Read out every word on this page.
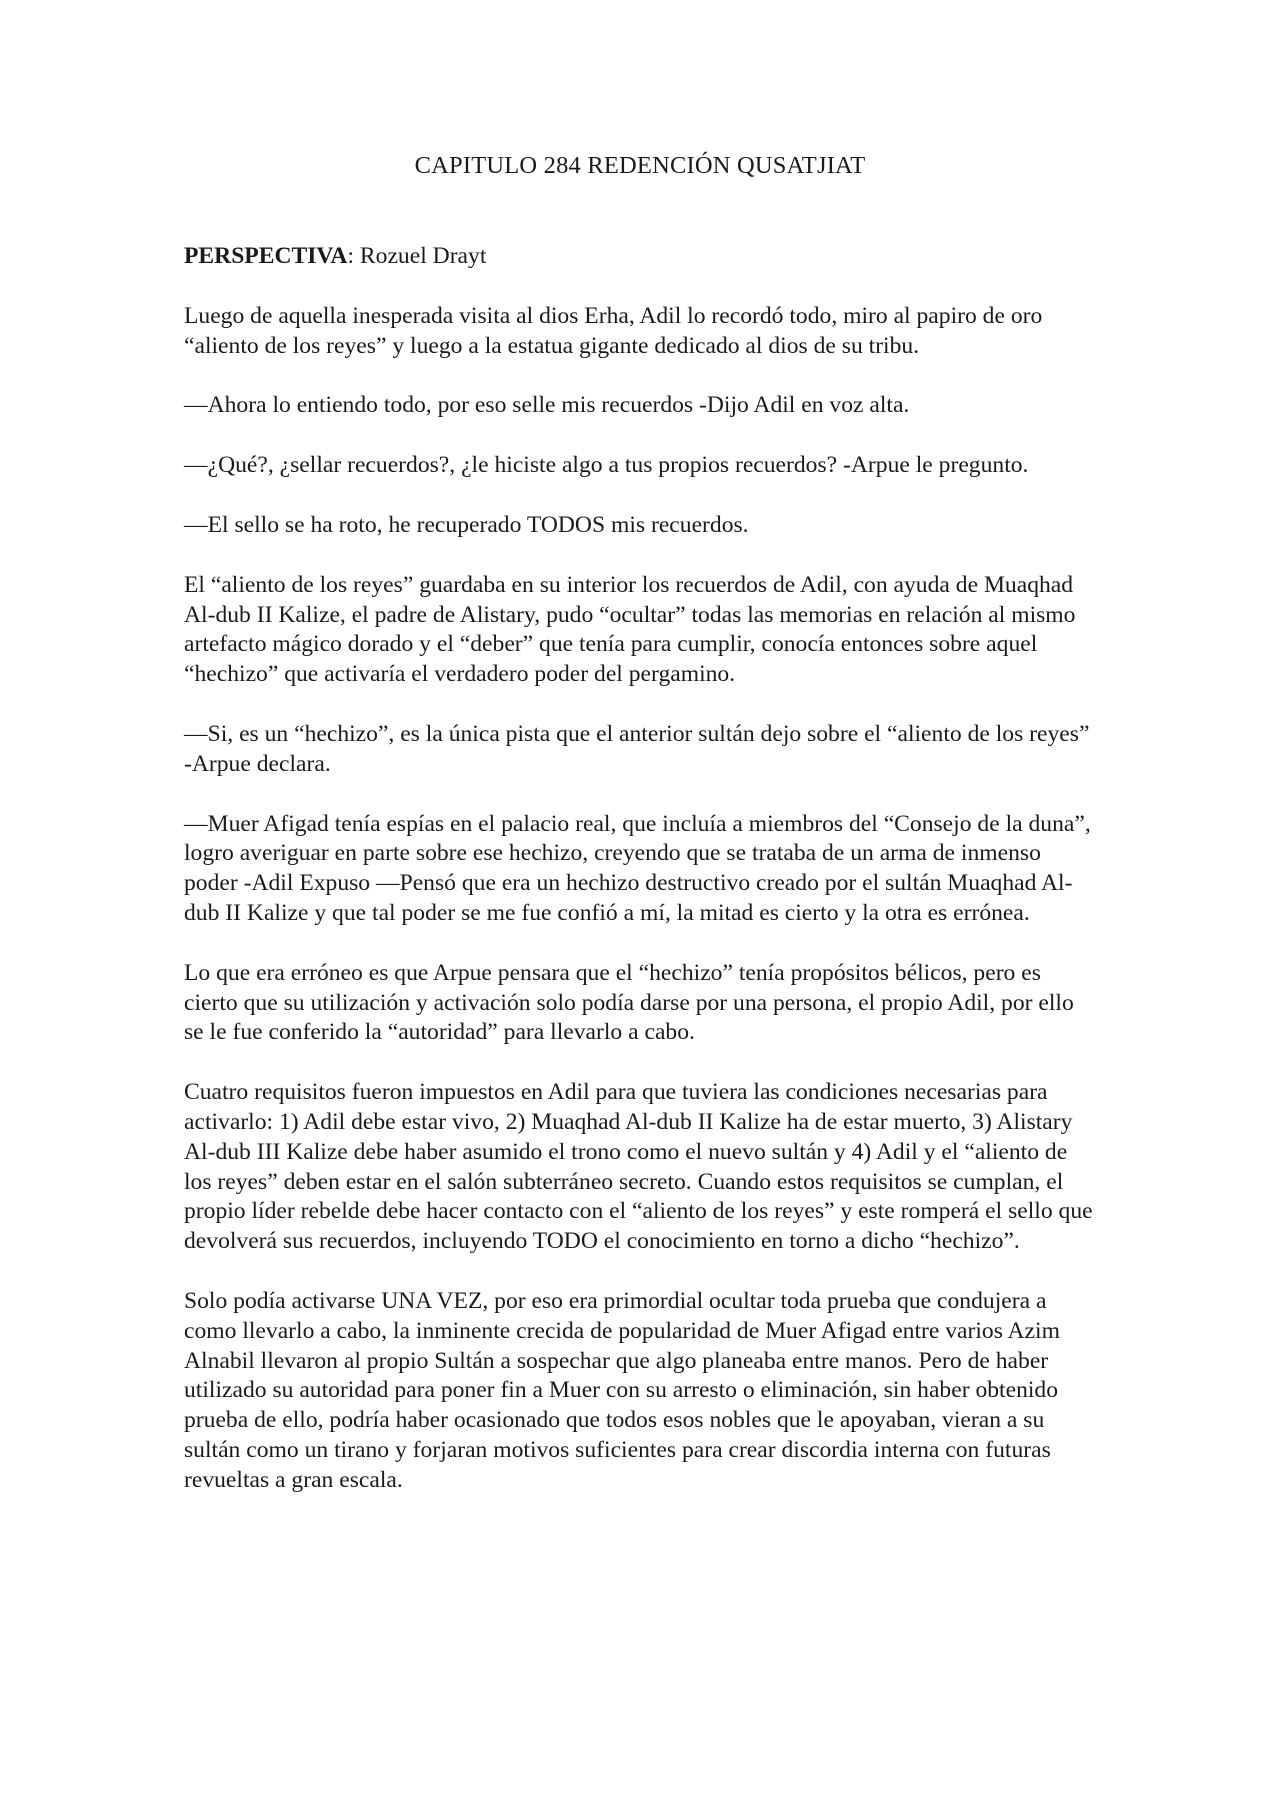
CAPITULO 284 REDENCIÓN QUSATJIAT
PERSPECTIVA: Rozuel Drayt

Luego de aquella inesperada visita al dios Erha, Adil lo recordó todo, miro al papiro de oro “aliento de los reyes” y luego a la estatua gigante dedicado al dios de su tribu.

—Ahora lo entiendo todo, por eso selle mis recuerdos -Dijo Adil en voz alta.

—¿Qué?, ¿sellar recuerdos?, ¿le hiciste algo a tus propios recuerdos? -Arpue le pregunto.

—El sello se ha roto, he recuperado TODOS mis recuerdos.

El “aliento de los reyes” guardaba en su interior los recuerdos de Adil, con ayuda de Muaqhad Al-dub II Kalize, el padre de Alistary, pudo “ocultar” todas las memorias en relación al mismo artefacto mágico dorado y el “deber” que tenía para cumplir, conocía entonces sobre aquel “hechizo” que activaría el verdadero poder del pergamino.

—Si, es un “hechizo”, es la única pista que el anterior sultán dejo sobre el “aliento de los reyes” -Arpue declara.

—Muer Afigad tenía espías en el palacio real, que incluía a miembros del “Consejo de la duna”, logro averiguar en parte sobre ese hechizo, creyendo que se trataba de un arma de inmenso poder -Adil Expuso —Pensó que era un hechizo destructivo creado por el sultán Muaqhad Al-dub II Kalize y que tal poder se me fue confió a mí, la mitad es cierto y la otra es errónea.

Lo que era erróneo es que Arpue pensara que el “hechizo” tenía propósitos bélicos, pero es cierto que su utilización y activación solo podía darse por una persona, el propio Adil, por ello se le fue conferido la “autoridad” para llevarlo a cabo.

Cuatro requisitos fueron impuestos en Adil para que tuviera las condiciones necesarias para activarlo: 1) Adil debe estar vivo, 2) Muaqhad Al-dub II Kalize ha de estar muerto, 3) Alistary Al-dub III Kalize debe haber asumido el trono como el nuevo sultán y 4) Adil y el “aliento de los reyes” deben estar en el salón subterráneo secreto. Cuando estos requisitos se cumplan, el propio líder rebelde debe hacer contacto con el “aliento de los reyes” y este romperá el sello que devolverá sus recuerdos, incluyendo TODO el conocimiento en torno a dicho “hechizo”.

Solo podía activarse UNA VEZ, por eso era primordial ocultar toda prueba que condujera a como llevarlo a cabo, la inminente crecida de popularidad de Muer Afigad entre varios Azim Alnabil llevaron al propio Sultán a sospechar que algo planeaba entre manos. Pero de haber utilizado su autoridad para poner fin a Muer con su arresto o eliminación, sin haber obtenido prueba de ello, podría haber ocasionado que todos esos nobles que le apoyaban, vieran a su sultán como un tirano y forjaran motivos suficientes para crear discordia interna con futuras revueltas a gran escala.
